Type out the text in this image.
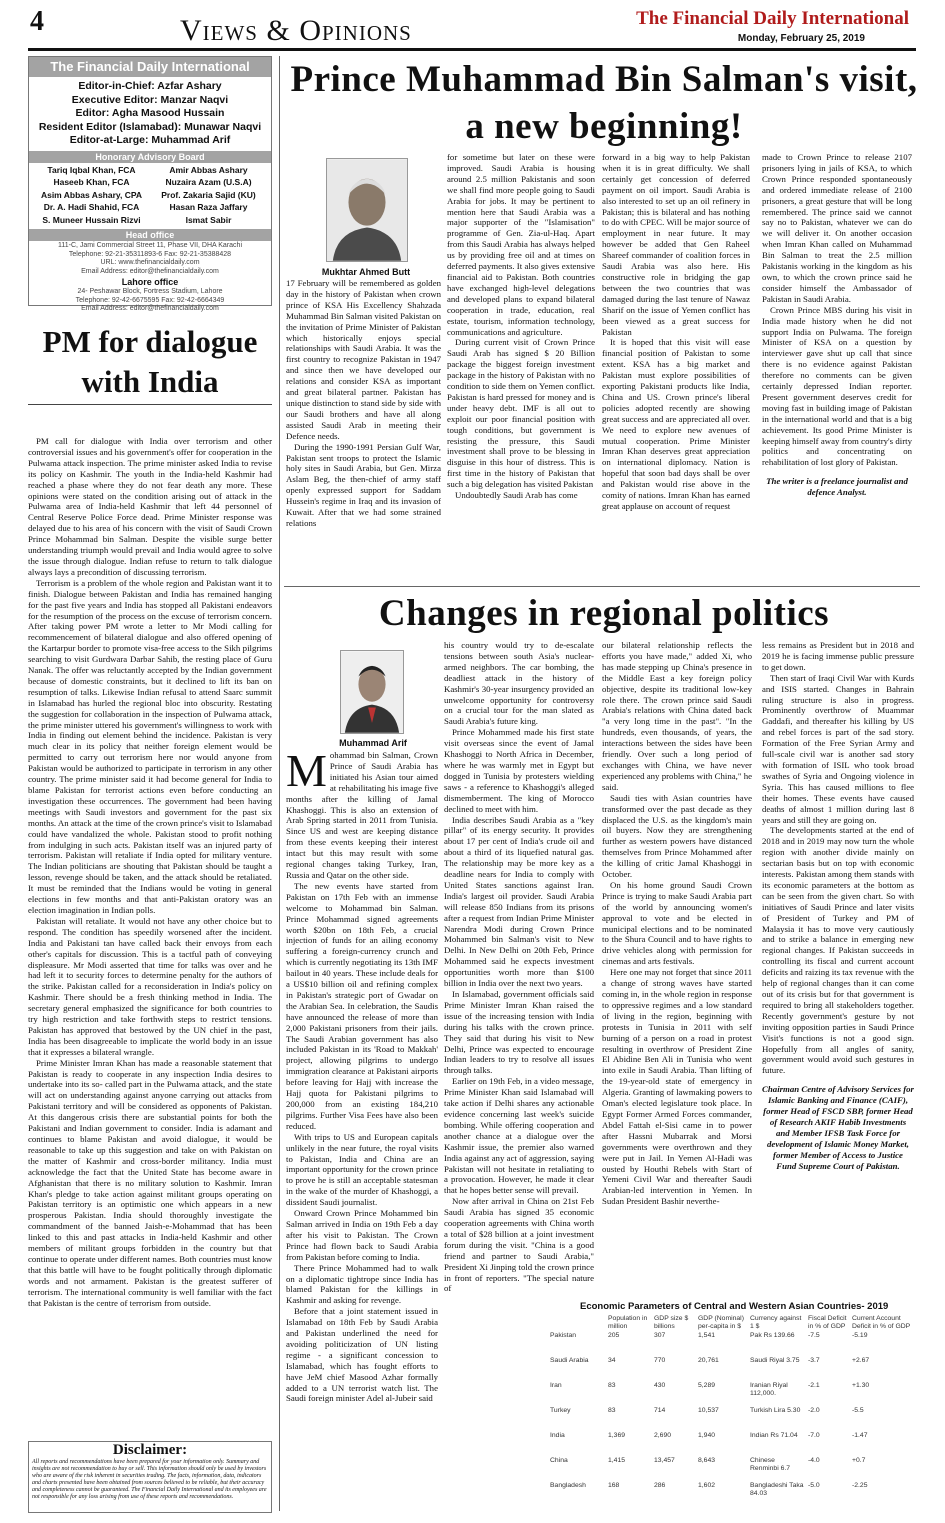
4	Views & Opinions	The Financial Daily International
Monday, February 25, 2019
The Financial Daily International
Editor-in-Chief: Azfar Ashary
Executive Editor: Manzar Naqvi
Editor: Agha Masood Hussain
Resident Editor (Islamabad): Munawar Naqvi
Editor-at-Large: Muhammad Arif
Honorary Advisory Board
Tariq Iqbal Khan, FCA	Amir Abbas Ashary
Haseeb Khan, FCA	Nuzaira Azam (U.S.A)
Asim Abbas Ashary, CPA	Prof. Zakaria Sajid (KU)
Dr. A. Hadi Shahid, FCA	Hasan Raza Jaffary
S. Muneer Hussain Rizvi	Ismat Sabir
Head office
111-C, Jami Commercial Street 11, Phase VII, DHA Karachi
Telephone: 92-21-35311893-6 Fax: 92-21-35388428
URL: www.thefinancialdaily.com
Email Address: editor@thefinancialdaily.com
Lahore office
24- Peshawar Block, Fortress Stadium, Lahore
Telephone: 92-42-6675595 Fax: 92-42-6664349
Email Address: editor@thefinancialdaily.com
PM for dialogue with India

PM call for dialogue with India over terrorism and other controversial issues and his government's offer for cooperation in the Pulwama attack inspection. The prime minister asked India to revise its policy on Kashmir. The youth in the India-held Kashmir had reached a phase where they do not fear death any more. These opinions were stated on the condition arising out of attack in the Pulwama area of India-held Kashmir that left 44 personnel of Central Reserve Police Force dead. Prime Minister response was delayed due to his area of his concern with the visit of Saudi Crown Prince Mohammad bin Salman. Despite the visible surge better understanding triumph would prevail and India would agree to solve the issue through dialogue. Indian refuse to return to talk dialogue always lays a precondition of discussing terrorism.

Terrorism is a problem of the whole region and Pakistan want it to finish. Dialogue between Pakistan and India has remained hanging for the past five years and India has stopped all Pakistani endeavors for the resumption of the process on the excuse of terrorism concern. After taking power PM wrote a letter to Mr Modi calling for recommencement of bilateral dialogue and also offered opening of the Kartarpur border to promote visa-free access to the Sikh pilgrims searching to visit Gurdwara Darbar Sahib, the resting place of Guru Nanak. The offer was reluctantly accepted by the Indian government because of domestic constraints, but it declined to lift its ban on resumption of talks. Likewise Indian refusal to attend Saarc summit in Islamabad has hurled the regional bloc into obscurity. Restating the suggestion for collaboration in the inspection of Pulwama attack, the prime minister uttered his government's willingness to work with India in finding out element behind the incidence. Pakistan is very much clear in its policy that neither foreign element would be permitted to carry out terrorism here nor would anyone from Pakistan would be authorized to participate in terrorism in any other country. The prime minister said it had become general for India to blame Pakistan for terrorist actions even before conducting an investigation these occurrences. The government had been having meetings with Saudi investors and government for the past six months. An attack at the time of the crown prince's visit to Islamabad could have vandalized the whole. Pakistan stood to profit nothing from indulging in such acts. Pakistan itself was an injured party of terrorism. Pakistan will retaliate if India opted for military venture. The Indian politicians are shouting that Pakistan should be taught a lesson, revenge should be taken, and the attack should be retaliated. It must be reminded that the Indians would be voting in general elections in few months and that anti-Pakistan oratory was an election imagination in Indian polls.

Pakistan will retaliate. It would not have any other choice but to respond. The condition has speedily worsened after the incident. India and Pakistani tan have called back their envoys from each other's capitals for discussion. This is a tactful path of conveying displeasure. Mr Modi asserted that time for talks was over and he had left it to security forces to determine penalty for the authors of the strike. Pakistan called for a reconsideration in India's policy on Kashmir. There should be a fresh thinking method in India. The secretary general emphasized the significance for both countries to try high restriction and take forthwith steps to restrict tensions. Pakistan has approved that bestowed by the UN chief in the past, India has been disagreeable to implicate the world body in an issue that it expresses a bilateral wrangle.

Prime Minister Imran Khan has made a reasonable statement that Pakistan is ready to cooperate in any inspection India desires to undertake into its so- called part in the Pulwama attack, and the state will act on understanding against anyone carrying out attacks from Pakistani territory and will be considered as opponents of Pakistan. At this dangerous crisis there are substantial points for both the Pakistani and Indian government to consider. India is adamant and continues to blame Pakistan and avoid dialogue, it would be reasonable to take up this suggestion and take on with Pakistan on the matter of Kashmir and cross-border militancy. India must acknowledge the fact that the United State has become aware in Afghanistan that there is no military solution to Kashmir. Imran Khan's pledge to take action against militant groups operating on Pakistan territory is an optimistic one which appears in a new prosperous Pakistan. India should thoroughly investigate the commandment of the banned Jaish-e-Mohammad that has been linked to this and past attacks in India-held Kashmir and other members of militant groups forbidden in the country but that continue to operate under different names. Both countries must know that this battle will have to be fought politically through diplomatic words and not armament. Pakistan is the greatest sufferer of terrorism. The international community is well familiar with the fact that Pakistan is the centre of terrorism from outside.

Disclaimer:
All reports and recommendations have been prepared for your information only. Summary and insights are not recommendation to buy or sell. This information should only be used by investors who are aware of the risk inherent in securities trading. The facts, information, data, indicators and charts presented have been obtained from sources believed to be reliable, but their accuracy and completeness cannot be guaranteed. The Financial Daily International and its employees are not responsible for any loss arising from use of these reports and recommendations.
Prince Muhammad Bin Salman's visit, a new beginning!
Mukhtar Ahmed Butt

17 February will be remembered as golden day in the history of Pakistan when crown prince of KSA His Excellency Shahzada Muhammad Bin Salman visited Pakistan on the invitation of Prime Minister of Pakistan which historically enjoys special relationships with Saudi Arabia. It was the first country to recognize Pakistan in 1947 and since then we have developed our relations and consider KSA as important and great bilateral partner. Pakistan has unique distinction to stand side by side with our Saudi brothers and have all along assisted Saudi Arab in meeting their Defence needs.

During the 1990-1991 Persian Gulf War, Pakistan sent troops to protect the Islamic holy sites in Saudi Arabia, but Gen. Mirza Aslam Beg, the then-chief of army staff openly expressed support for Saddam Hussein's regime in Iraq and its invasion of Kuwait. After that we had some strained relations

for sometime but later on these were improved. Saudi Arabia is housing around 2.5 million Pakistanis and soon we shall find more people going to Saudi Arabia for jobs. It may be pertinent to mention here that Saudi Arabia was a major supporter of the "Islamisation" programme of Gen. Zia-ul-Haq. Apart from this Saudi Arabia has always helped us by providing free oil and at times on deferred payments. It also gives extensive financial aid to Pakistan. Both countries have exchanged high-level delegations and developed plans to expand bilateral cooperation in trade, education, real estate, tourism, information technology, communications and agriculture.

During current visit of Crown Prince Saudi Arab has signed $ 20 Billion package the biggest foreign investment package in the history of Pakistan with no condition to side them on Yemen conflict. Pakistan is hard pressed for money and is under heavy debt. IMF is all out to exploit our poor financial position with tough conditions, but government is resisting the pressure, this Saudi investment shall prove to be blessing in disguise in this hour of distress. This is first time in the history of Pakistan that such a big delegation has visited Pakistan

Undoubtedly Saudi Arab has come

forward in a big way to help Pakistan when it is in great difficulty. We shall certainly get concession of deferred payment on oil import. Saudi Arabia is also interested to set up an oil refinery in Pakistan; this is bilateral and has nothing to do with CPEC. Will be major source of employment in near future. It may however be added that Gen Raheel Shareef commander of coalition forces in Saudi Arabia was also here. His constructive role in bridging the gap between the two countries that was damaged during the last tenure of Nawaz Sharif on the issue of Yemen conflict has been viewed as a great success for Pakistan

It is hoped that this visit will ease financial position of Pakistan to some extent. KSA has a big market and Pakistan must explore possibilities of exporting Pakistani products like India, China and US. Crown prince's liberal policies adopted recently are showing great success and are appreciated all over. We need to explore new avenues of mutual cooperation. Prime Minister Imran Khan deserves great appreciation on international diplomacy. Nation is hopeful that soon bad days shall be over and Pakistan would rise above in the comity of nations. Imran Khan has earned great applause on account of request

made to Crown Prince to release 2107 prisoners lying in jails of KSA, to which Crown Prince responded spontaneously and ordered immediate release of 2100 prisoners, a great gesture that will be long remembered. The prince said we cannot say no to Pakistan, whatever we can do we will deliver it. On another occasion when Imran Khan called on Muhammad Bin Salman to treat the 2.5 million Pakistanis working in the kingdom as his own, to which the crown prince said he consider himself the Ambassador of Pakistan in Saudi Arabia.

Crown Prince MBS during his visit in India made history when he did not support India on Pulwama. The foreign Minister of KSA on a question by interviewer gave shut up call that since there is no evidence against Pakistan therefore no comments can be given certainly depressed Indian reporter. Present government deserves credit for moving fast in building image of Pakistan in the international world and that is a big achievement. Its good Prime Minister is keeping himself away from country's dirty politics and concentrating on rehabilitation of lost glory of Pakistan.

The writer is a freelance journalist and defence Analyst.

Changes in regional politics
Muhammad Arif

Mohammad bin Salman, Crown Prince of Saudi Arabia has initiated his Asian tour aimed at rehabilitating his image five months after the killing of Jamal Khashoggi. This is also an extension of Arab Spring started in 2011 from Tunisia. Since US and west are keeping distance from these events keeping their interest intact but this may result with some regional changes taking Turkey, Iran, Russia and Qatar on the other side.

The new events have started from Pakistan on 17th Feb with an immense welcome to Mohammad bin Salman. Prince Mohammad signed agreements worth $20bn on 18th Feb, a crucial injection of funds for an ailing economy suffering a foreign-currency crunch and which is currently negotiating its 13th IMF bailout in 40 years. These include deals for a US$10 billion oil and refining complex in Pakistan's strategic port of Gwadar on the Arabian Sea. In celebration, the Saudis have announced the release of more than 2,000 Pakistani prisoners from their jails. The Saudi Arabian government has also included Pakistan in its 'Road to Makkah' project, allowing pilgrims to undergo immigration clearance at Pakistani airports before leaving for Hajj with increase the Hajj quota for Pakistani pilgrims to 200,000 from an existing 184,210 pilgrims. Further Visa Fees have also been reduced.

With trips to US and European capitals unlikely in the near future, the royal visits to Pakistan, India and China are an important opportunity for the crown prince to prove he is still an acceptable statesman in the wake of the murder of Khashoggi, a dissident Saudi journalist.

Onward Crown Prince Mohammed bin Salman arrived in India on 19th Feb a day after his visit to Pakistan. The Crown Prince had flown back to Saudi Arabia from Pakistan before coming to India.

There Prince Mohammed had to walk on a diplomatic tightrope since India has blamed Pakistan for the killings in Kashmir and asking for revenge.

Before that a joint statement issued in Islamabad on 18th Feb by Saudi Arabia and Pakistan underlined the need for avoiding politicization of UN listing regime - a significant concession to Islamabad, which has fought efforts to have JeM chief Masood Azhar formally added to a UN terrorist watch list. The Saudi foreign minister Adel al-Jubeir said

his country would try to de-escalate tensions between south Asia's nuclear-armed neighbors. The car bombing, the deadliest attack in the history of Kashmir's 30-year insurgency provided an unwelcome opportunity for controversy on a crucial tour for the man slated as Saudi Arabia's future king.

Prince Mohammed made his first state visit overseas since the event of Jamal Khashoggi to North Africa in December, where he was warmly met in Egypt but dogged in Tunisia by protesters wielding saws - a reference to Khashoggi's alleged dismemberment. The king of Morocco declined to meet with him.

India describes Saudi Arabia as a "key pillar" of its energy security. It provides about 17 per cent of India's crude oil and about a third of its liquefied natural gas. The relationship may be more key as a deadline nears for India to comply with United States sanctions against Iran. India's largest oil provider. Saudi Arabia will release 850 Indians from its prisons after a request from Indian Prime Minister Narendra Modi during Crown Prince Mohammed bin Salman's visit to New Delhi. In New Delhi on 20th Feb, Prince Mohammed said he expects investment opportunities worth more than $100 billion in India over the next two years.

In Islamabad, government officials said Prime Minister Imran Khan raised the issue of the increasing tension with India during his talks with the crown prince. They said that during his visit to New Delhi, Prince was expected to encourage Indian leaders to try to resolve all issues through talks.

Earlier on 19th Feb, in a video message, Prime Minister Khan said Islamabad will take action if Delhi shares any actionable evidence concerning last week's suicide bombing. While offering cooperation and another chance at a dialogue over the Kashmir issue, the premier also warned India against any act of aggression, saying Pakistan will not hesitate in retaliating to a provocation. However, he made it clear that he hopes better sense will prevail.

Now after arrival in China on 21st Feb Saudi Arabia has signed 35 economic cooperation agreements with China worth a total of $28 billion at a joint investment forum during the visit. "China is a good friend and partner to Saudi Arabia," President Xi Jinping told the crown prince in front of reporters. "The special nature of

our bilateral relationship reflects the efforts you have made," added Xi, who has made stepping up China's presence in the Middle East a key foreign policy objective, despite its traditional low-key role there. The crown prince said Saudi Arabia's relations with China dated back "a very long time in the past". "In the hundreds, even thousands, of years, the interactions between the sides have been friendly. Over such a long period of exchanges with China, we have never experienced any problems with China," he said.

Saudi ties with Asian countries have transformed over the past decade as they displaced the U.S. as the kingdom's main oil buyers. Now they are strengthening further as western powers have distanced themselves from Prince Mohammed after the killing of critic Jamal Khashoggi in October.

On his home ground Saudi Crown Prince is trying to make Saudi Arabia part of the world by announcing women's approval to vote and be elected in municipal elections and to be nominated to the Shura Council and to have rights to drive vehicles along with permission for cinemas and arts festivals.

Here one may not forget that since 2011 a change of strong waves have started coming in, in the whole region in response to oppressive regimes and a low standard of living in the region, beginning with protests in Tunisia in 2011 with self burning of a person on a road in protest resulting in overthrow of President Zine El Abidine Ben Ali in Tunisia who went into exile in Saudi Arabia. Than lifting of the 19-year-old state of emergency in Algeria. Granting of lawmaking powers to Oman's elected legislature took place. In Egypt Former Armed Forces commander, Abdel Fattah el-Sisi came in to power after Hassni Mubarrak and Morsi governments were overthrown and they were put in Jail. In Yemen Al-Hadi was ousted by Houthi Rebels with Start of Yemeni Civil War and thereafter Saudi Arabian-led intervention in Yemen. In Sudan President Bashir neverthe-

less remains as President but in 2018 and 2019 he is facing immense public pressure to get down.

Then start of Iraqi Civil War with Kurds and ISIS started. Changes in Bahrain ruling structure is also in progress. Prominently overthrow of Muammar Gaddafi, and thereafter his killing by US and rebel forces is part of the sad story. Formation of the Free Syrian Army and full-scale civil war is another sad story with formation of ISIL who took broad swathes of Syria and Ongoing violence in Syria. This has caused millions to flee their homes. These events have caused deaths of almost 1 million during last 8 years and still they are going on.

The developments started at the end of 2018 and in 2019 may now turn the whole region with another divide mainly on sectarian basis but on top with economic interests. Pakistan among them stands with its economic parameters at the bottom as can be seen from the given chart. So with initiatives of Saudi Prince and later visits of President of Turkey and PM of Malaysia it has to move very cautiously and to strike a balance in emerging new regional changes. If Pakistan succeeds in controlling its fiscal and current account deficits and raizing its tax revenue with the help of regional changes than it can come out of its crisis but for that government is required to bring all stakeholders together. Recently government's gesture by not inviting opposition parties in Saudi Prince Visit's functions is not a good sign. Hopefully from all angles of sanity, government would avoid such gestures in future.

Chairman Centre of Advisory Services for Islamic Banking and Finance (CAIF), former Head of FSCD SBP, former Head of Research AKIF Habib Investments and Member IFSB Task Force for development of Islamic Money Market, former Member of Access to Justice Fund Supreme Court of Pakistan.

Economic Parameters of Central and Western Asian Countries- 2019
	Population in million	GDP size $ billions	GDP (Nominal) per-capita in $	Currency against 1 $	Fiscal Deficit in % of GDP	Current Account Deficit in % of GDP
Pakistan	205	307	1,541	Pak Rs 139.66	-7.5	-5.19
Saudi Arabia	34	770	20,761	Saudi Riyal 3.75	-3.7	+2.67
Iran	83	430	5,289	Iranian Riyal 112,000.	-2.1	+1.30
Turkey	83	714	10,537	Turkish Lira 5.30	-2.0	-5.5
India	1,369	2,690	1,940	Indian Rs 71.04	-7.0	-1.47
China	1,415	13,457	8,643	Chinese Renminbi 6.7	-4.0	+0.7
Bangladesh	168	286	1,602	Bangladeshi Taka 84.03	-5.0	-2.25
